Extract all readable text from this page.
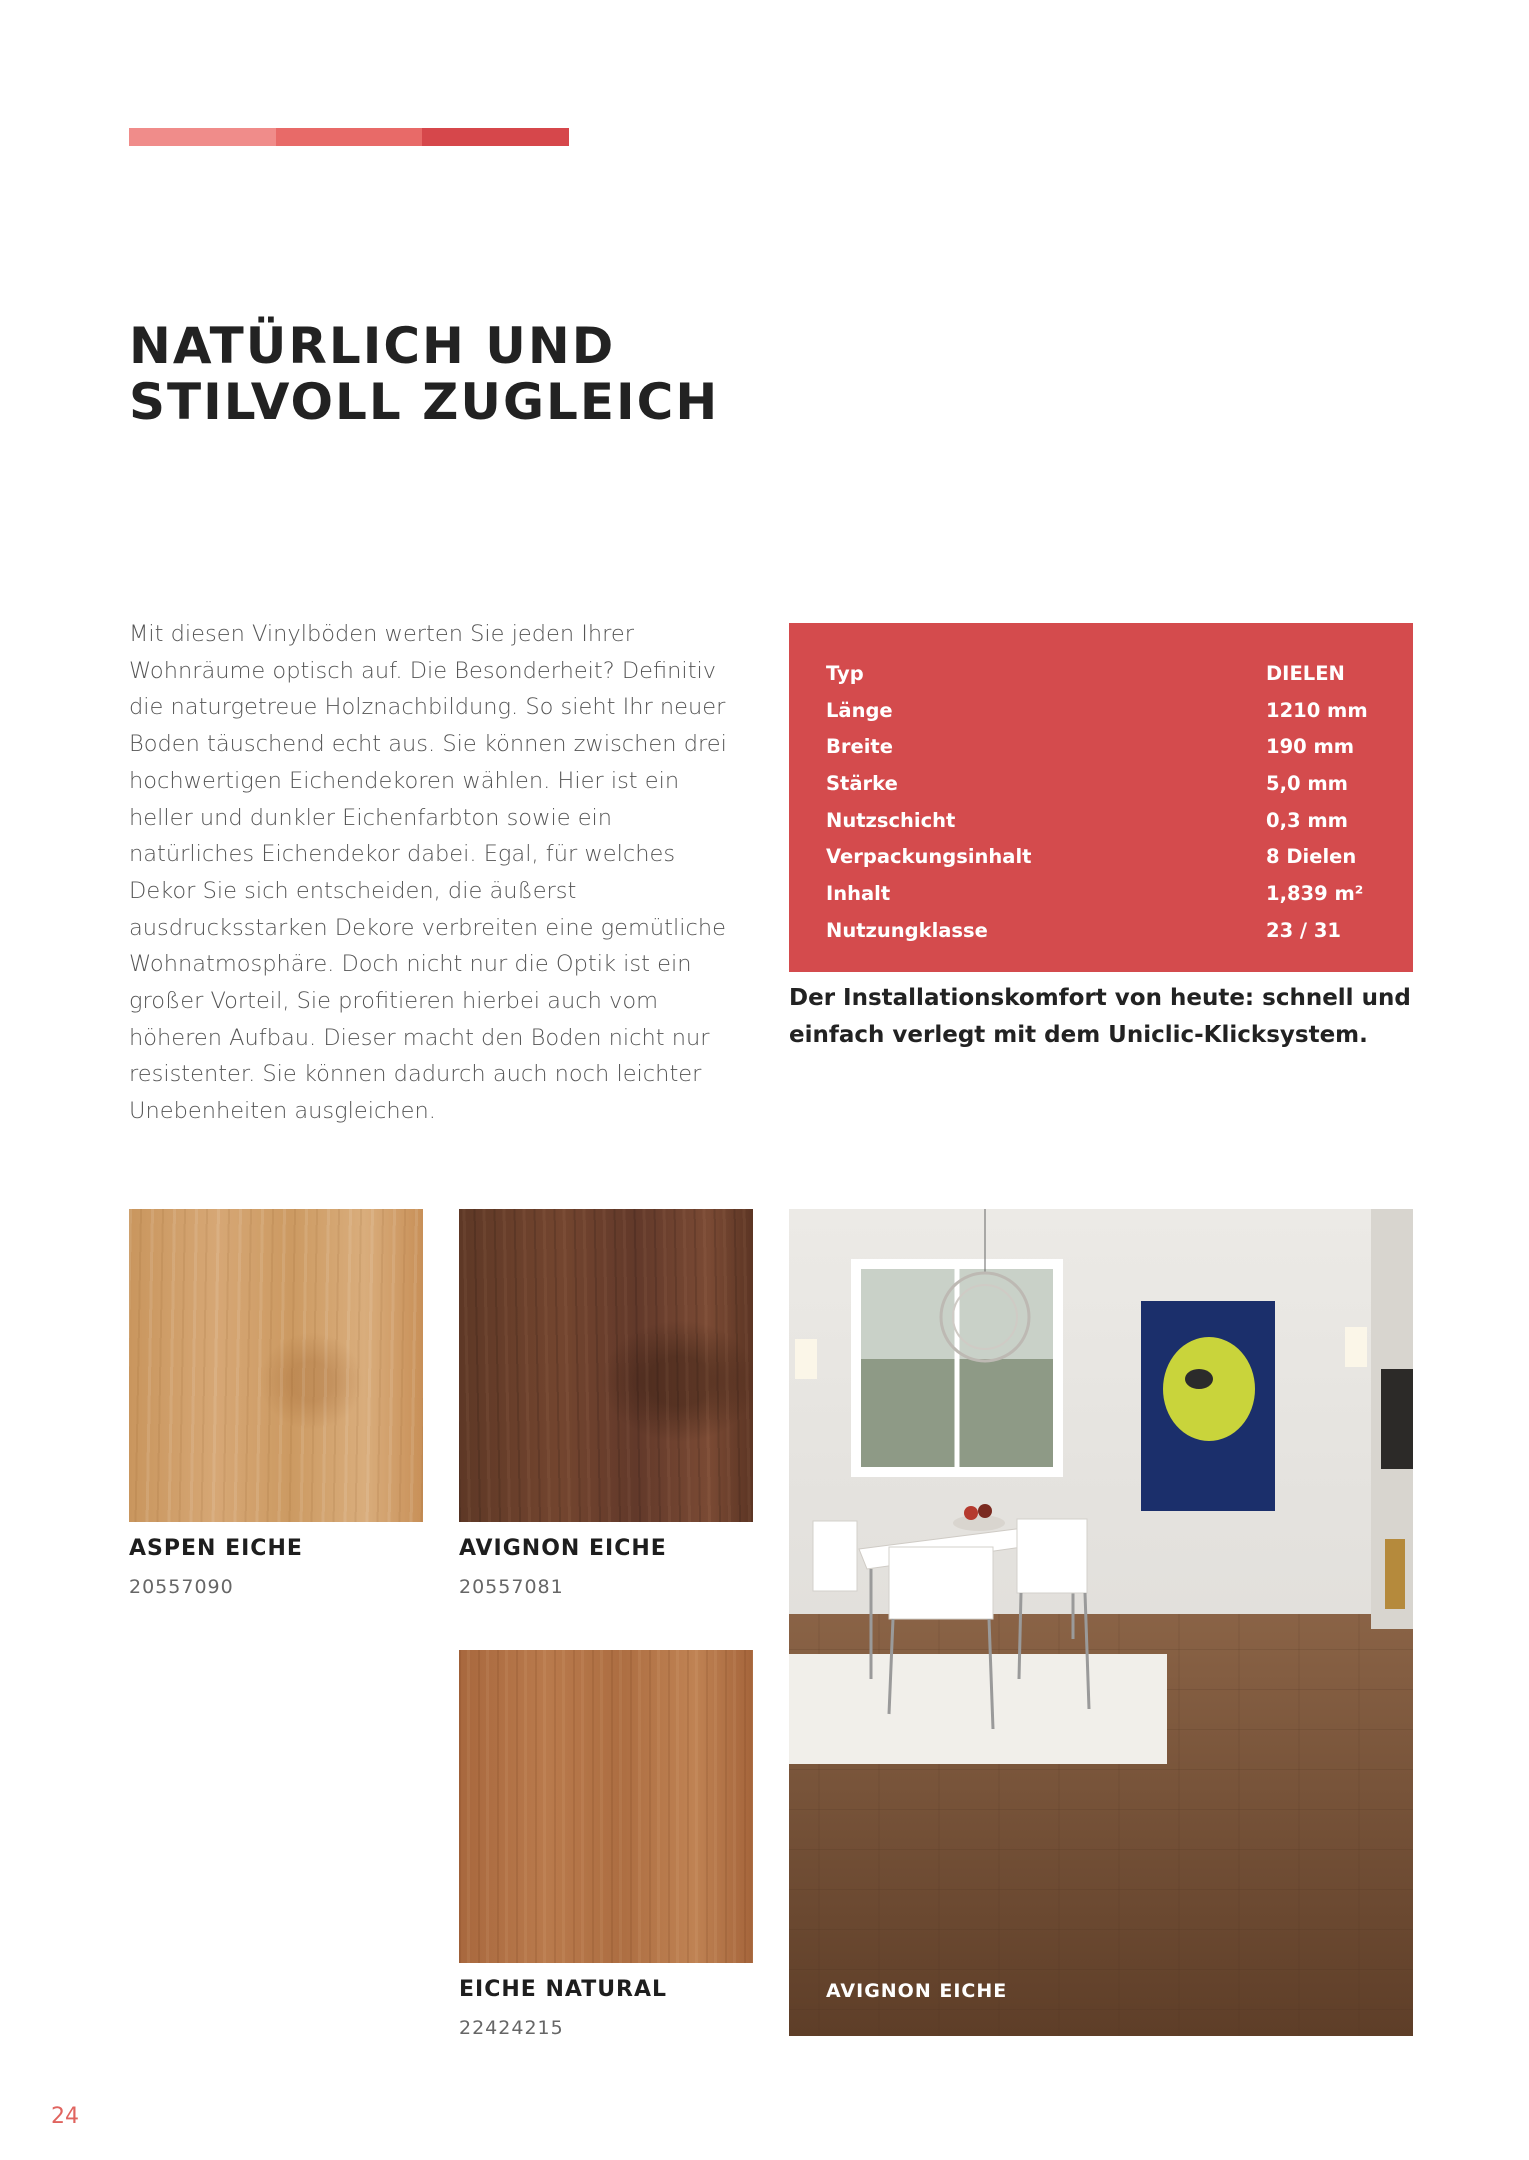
NATÜRLICH UND
STILVOLL ZUGLEICH

Mit diesen Vinylböden werten Sie jeden Ihrer Wohnräume optisch auf. Die Besonderheit? Definitiv die naturgetreue Holznachbildung. So sieht Ihr neuer Boden täuschend echt aus. Sie können zwischen drei hochwertigen Eichendekoren wählen. Hier ist ein heller und dunkler Eichenfarbton sowie ein natürliches Eichendekor dabei. Egal, für welches Dekor Sie sich entscheiden, die äußerst ausdrucksstarken Dekore verbreiten eine gemütliche Wohnatmosphäre. Doch nicht nur die Optik ist ein großer Vorteil, Sie profitieren hierbei auch vom höheren Aufbau. Dieser macht den Boden nicht nur resistenter. Sie können dadurch auch noch leichter Unebenheiten ausgleichen.

Typ	DIELEN
Länge	1210 mm
Breite	190 mm
Stärke	5,0 mm
Nutzschicht	0,3 mm
Verpackungsinhalt	8 Dielen
Inhalt	1,839 m²
Nutzungklasse	23 / 31

Der Installationskomfort von heute: schnell und einfach verlegt mit dem Uniclic-Klicksystem.

ASPEN EICHE

20557090

AVIGNON EICHE

20557081

EICHE NATURAL

22424215

AVIGNON EICHE

24
